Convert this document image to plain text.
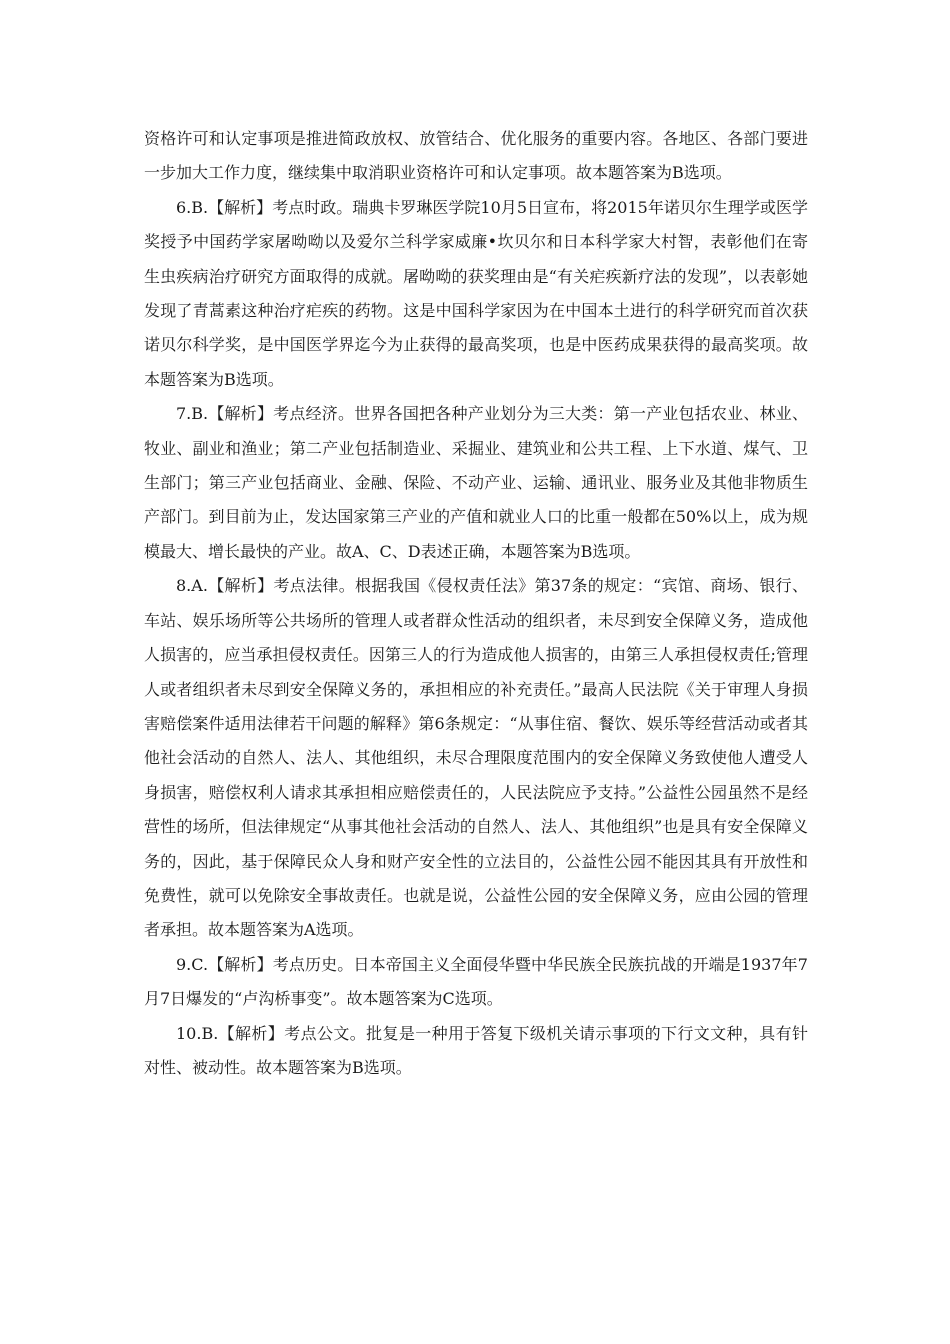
资格许可和认定事项是推进简政放权、放管结合、优化服务的重要内容。各地区、各部门要进一步加大工作力度，继续集中取消职业资格许可和认定事项。故本题答案为B选项。

6.B.【解析】考点时政。瑞典卡罗琳医学院10月5日宣布，将2015年诺贝尔生理学或医学奖授予中国药学家屠呦呦以及爱尔兰科学家威廉•坎贝尔和日本科学家大村智，表彰他们在寄生虫疾病治疗研究方面取得的成就。屠呦呦的获奖理由是“有关疟疾新疗法的发现”，以表彰她发现了青蒿素这种治疗疟疾的药物。这是中国科学家因为在中国本土进行的科学研究而首次获诺贝尔科学奖，是中国医学界迄今为止获得的最高奖项，也是中医药成果获得的最高奖项。故本题答案为B选项。

7.B.【解析】考点经济。世界各国把各种产业划分为三大类：第一产业包括农业、林业、牧业、副业和渔业；第二产业包括制造业、采掘业、建筑业和公共工程、上下水道、煤气、卫生部门；第三产业包括商业、金融、保险、不动产业、运输、通讯业、服务业及其他非物质生产部门。到目前为止，发达国家第三产业的产值和就业人口的比重一般都在50%以上，成为规模最大、增长最快的产业。故A、C、D表述正确，本题答案为B选项。

8.A.【解析】考点法律。根据我国《侵权责任法》第37条的规定：“宾馆、商场、银行、车站、娱乐场所等公共场所的管理人或者群众性活动的组织者，未尽到安全保障义务，造成他人损害的，应当承担侵权责任。因第三人的行为造成他人损害的，由第三人承担侵权责任;管理人或者组织者未尽到安全保障义务的，承担相应的补充责任。”最高人民法院《关于审理人身损害赔偿案件适用法律若干问题的解释》第6条规定：“从事住宿、餐饮、娱乐等经营活动或者其他社会活动的自然人、法人、其他组织，未尽合理限度范围内的安全保障义务致使他人遭受人身损害，赔偿权利人请求其承担相应赔偿责任的，人民法院应予支持。”公益性公园虽然不是经营性的场所，但法律规定“从事其他社会活动的自然人、法人、其他组织”也是具有安全保障义务的，因此，基于保障民众人身和财产安全性的立法目的，公益性公园不能因其具有开放性和免费性，就可以免除安全事故责任。也就是说，公益性公园的安全保障义务，应由公园的管理者承担。故本题答案为A选项。

9.C.【解析】考点历史。日本帝国主义全面侵华暨中华民族全民族抗战的开端是1937年7月7日爆发的“卢沟桥事变”。故本题答案为C选项。

10.B.【解析】考点公文。批复是一种用于答复下级机关请示事项的下行文文种，具有针对性、被动性。故本题答案为B选项。
